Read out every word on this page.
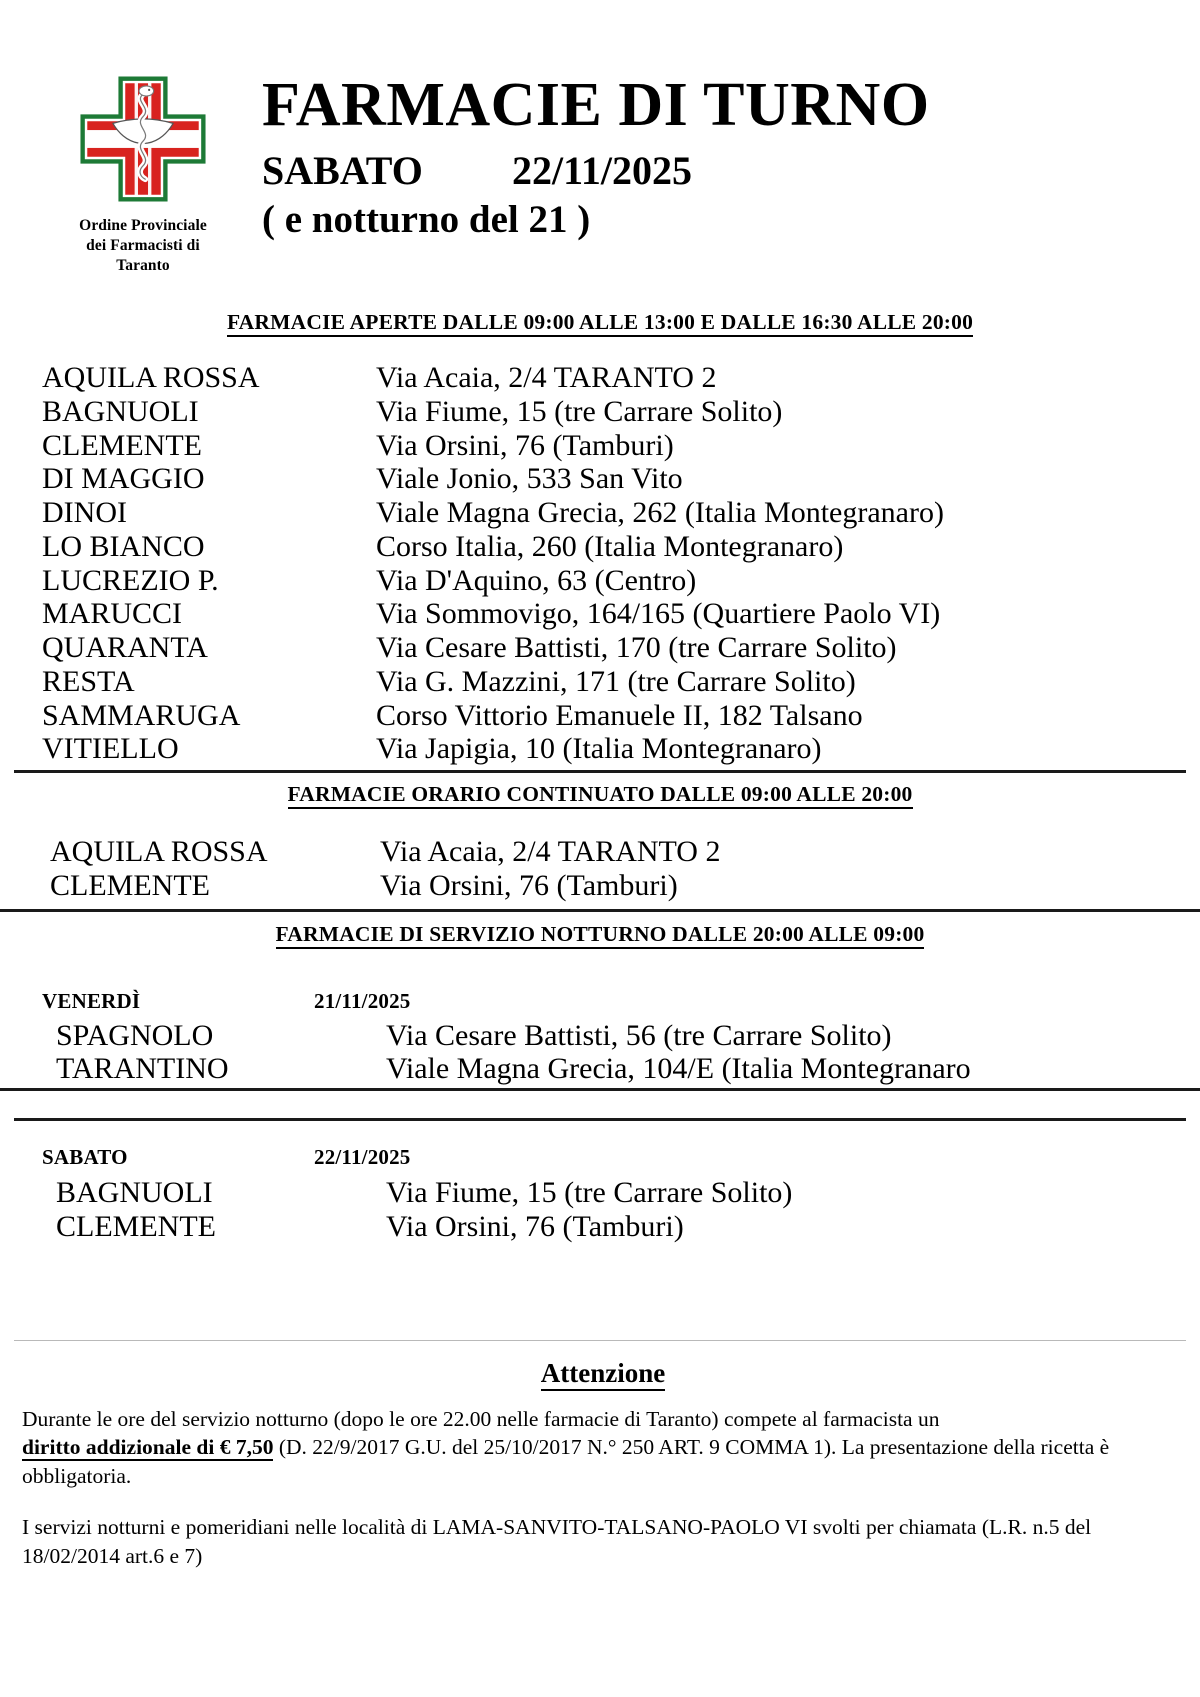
Ordine Provinciale
dei Farmacisti di
Taranto
FARMACIE DI TURNO
SABATO 22/11/2025
( e notturno del 21 )
FARMACIE APERTE DALLE 09:00 ALLE 13:00 E DALLE 16:30 ALLE 20:00
AQUILA ROSSA	Via Acaia, 2/4 TARANTO 2
BAGNUOLI	Via Fiume, 15 (tre Carrare Solito)
CLEMENTE	Via Orsini, 76 (Tamburi)
DI MAGGIO	Viale Jonio, 533 San Vito
DINOI	Viale Magna Grecia, 262 (Italia Montegranaro)
LO BIANCO	Corso Italia, 260 (Italia Montegranaro)
LUCREZIO P.	Via D'Aquino, 63 (Centro)
MARUCCI	Via Sommovigo, 164/165 (Quartiere Paolo VI)
QUARANTA	Via Cesare Battisti, 170 (tre Carrare Solito)
RESTA	Via G. Mazzini, 171 (tre Carrare Solito)
SAMMARUGA	Corso Vittorio Emanuele II, 182 Talsano
VITIELLO	Via Japigia, 10 (Italia Montegranaro)
FARMACIE ORARIO CONTINUATO DALLE 09:00 ALLE 20:00
AQUILA ROSSA	Via Acaia, 2/4 TARANTO 2
CLEMENTE	Via Orsini, 76 (Tamburi)
FARMACIE DI SERVIZIO NOTTURNO DALLE 20:00 ALLE 09:00
VENERDÌ	21/11/2025
SPAGNOLO	Via Cesare Battisti, 56 (tre Carrare Solito)
TARANTINO	Viale Magna Grecia, 104/E (Italia Montegranaro
SABATO	22/11/2025
BAGNUOLI	Via Fiume, 15 (tre Carrare Solito)
CLEMENTE	Via Orsini, 76 (Tamburi)
Attenzione
Durante le ore del servizio notturno (dopo le ore 22.00 nelle farmacie di Taranto) compete al farmacista un diritto addizionale di € 7,50 (D. 22/9/2017 G.U. del 25/10/2017 N.° 250 ART. 9 COMMA 1). La presentazione della ricetta è obbligatoria.
I servizi notturni e pomeridiani nelle località di LAMA-SANVITO-TALSANO-PAOLO VI svolti per chiamata (L.R. n.5 del 18/02/2014 art.6 e 7)
